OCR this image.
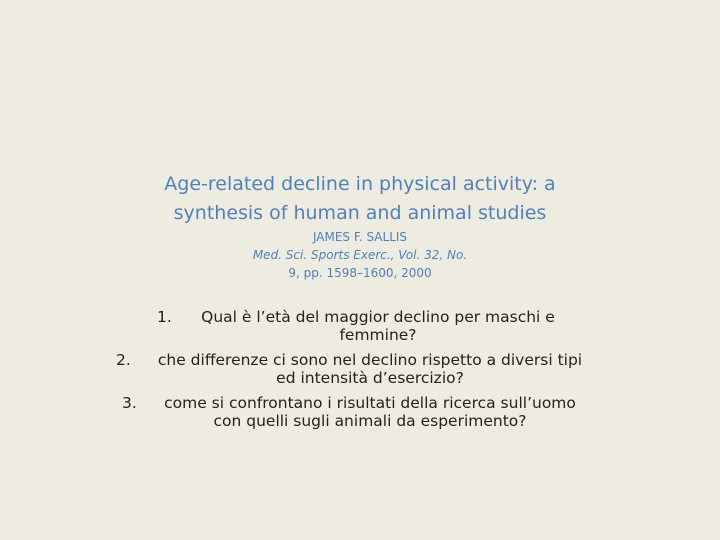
Age-related decline in physical activity: a
synthesis of human and animal studies
JAMES F. SALLIS
Med. Sci. Sports Exerc., Vol. 32, No.
9, pp. 1598–1600, 2000
1.	Qual è l’età del maggior declino per maschi e
femmine?
2.	che differenze ci sono nel declino rispetto a diversi tipi
ed intensità d’esercizio?
3.	come si confrontano i risultati della ricerca sull’uomo
con quelli sugli animali da esperimento?
